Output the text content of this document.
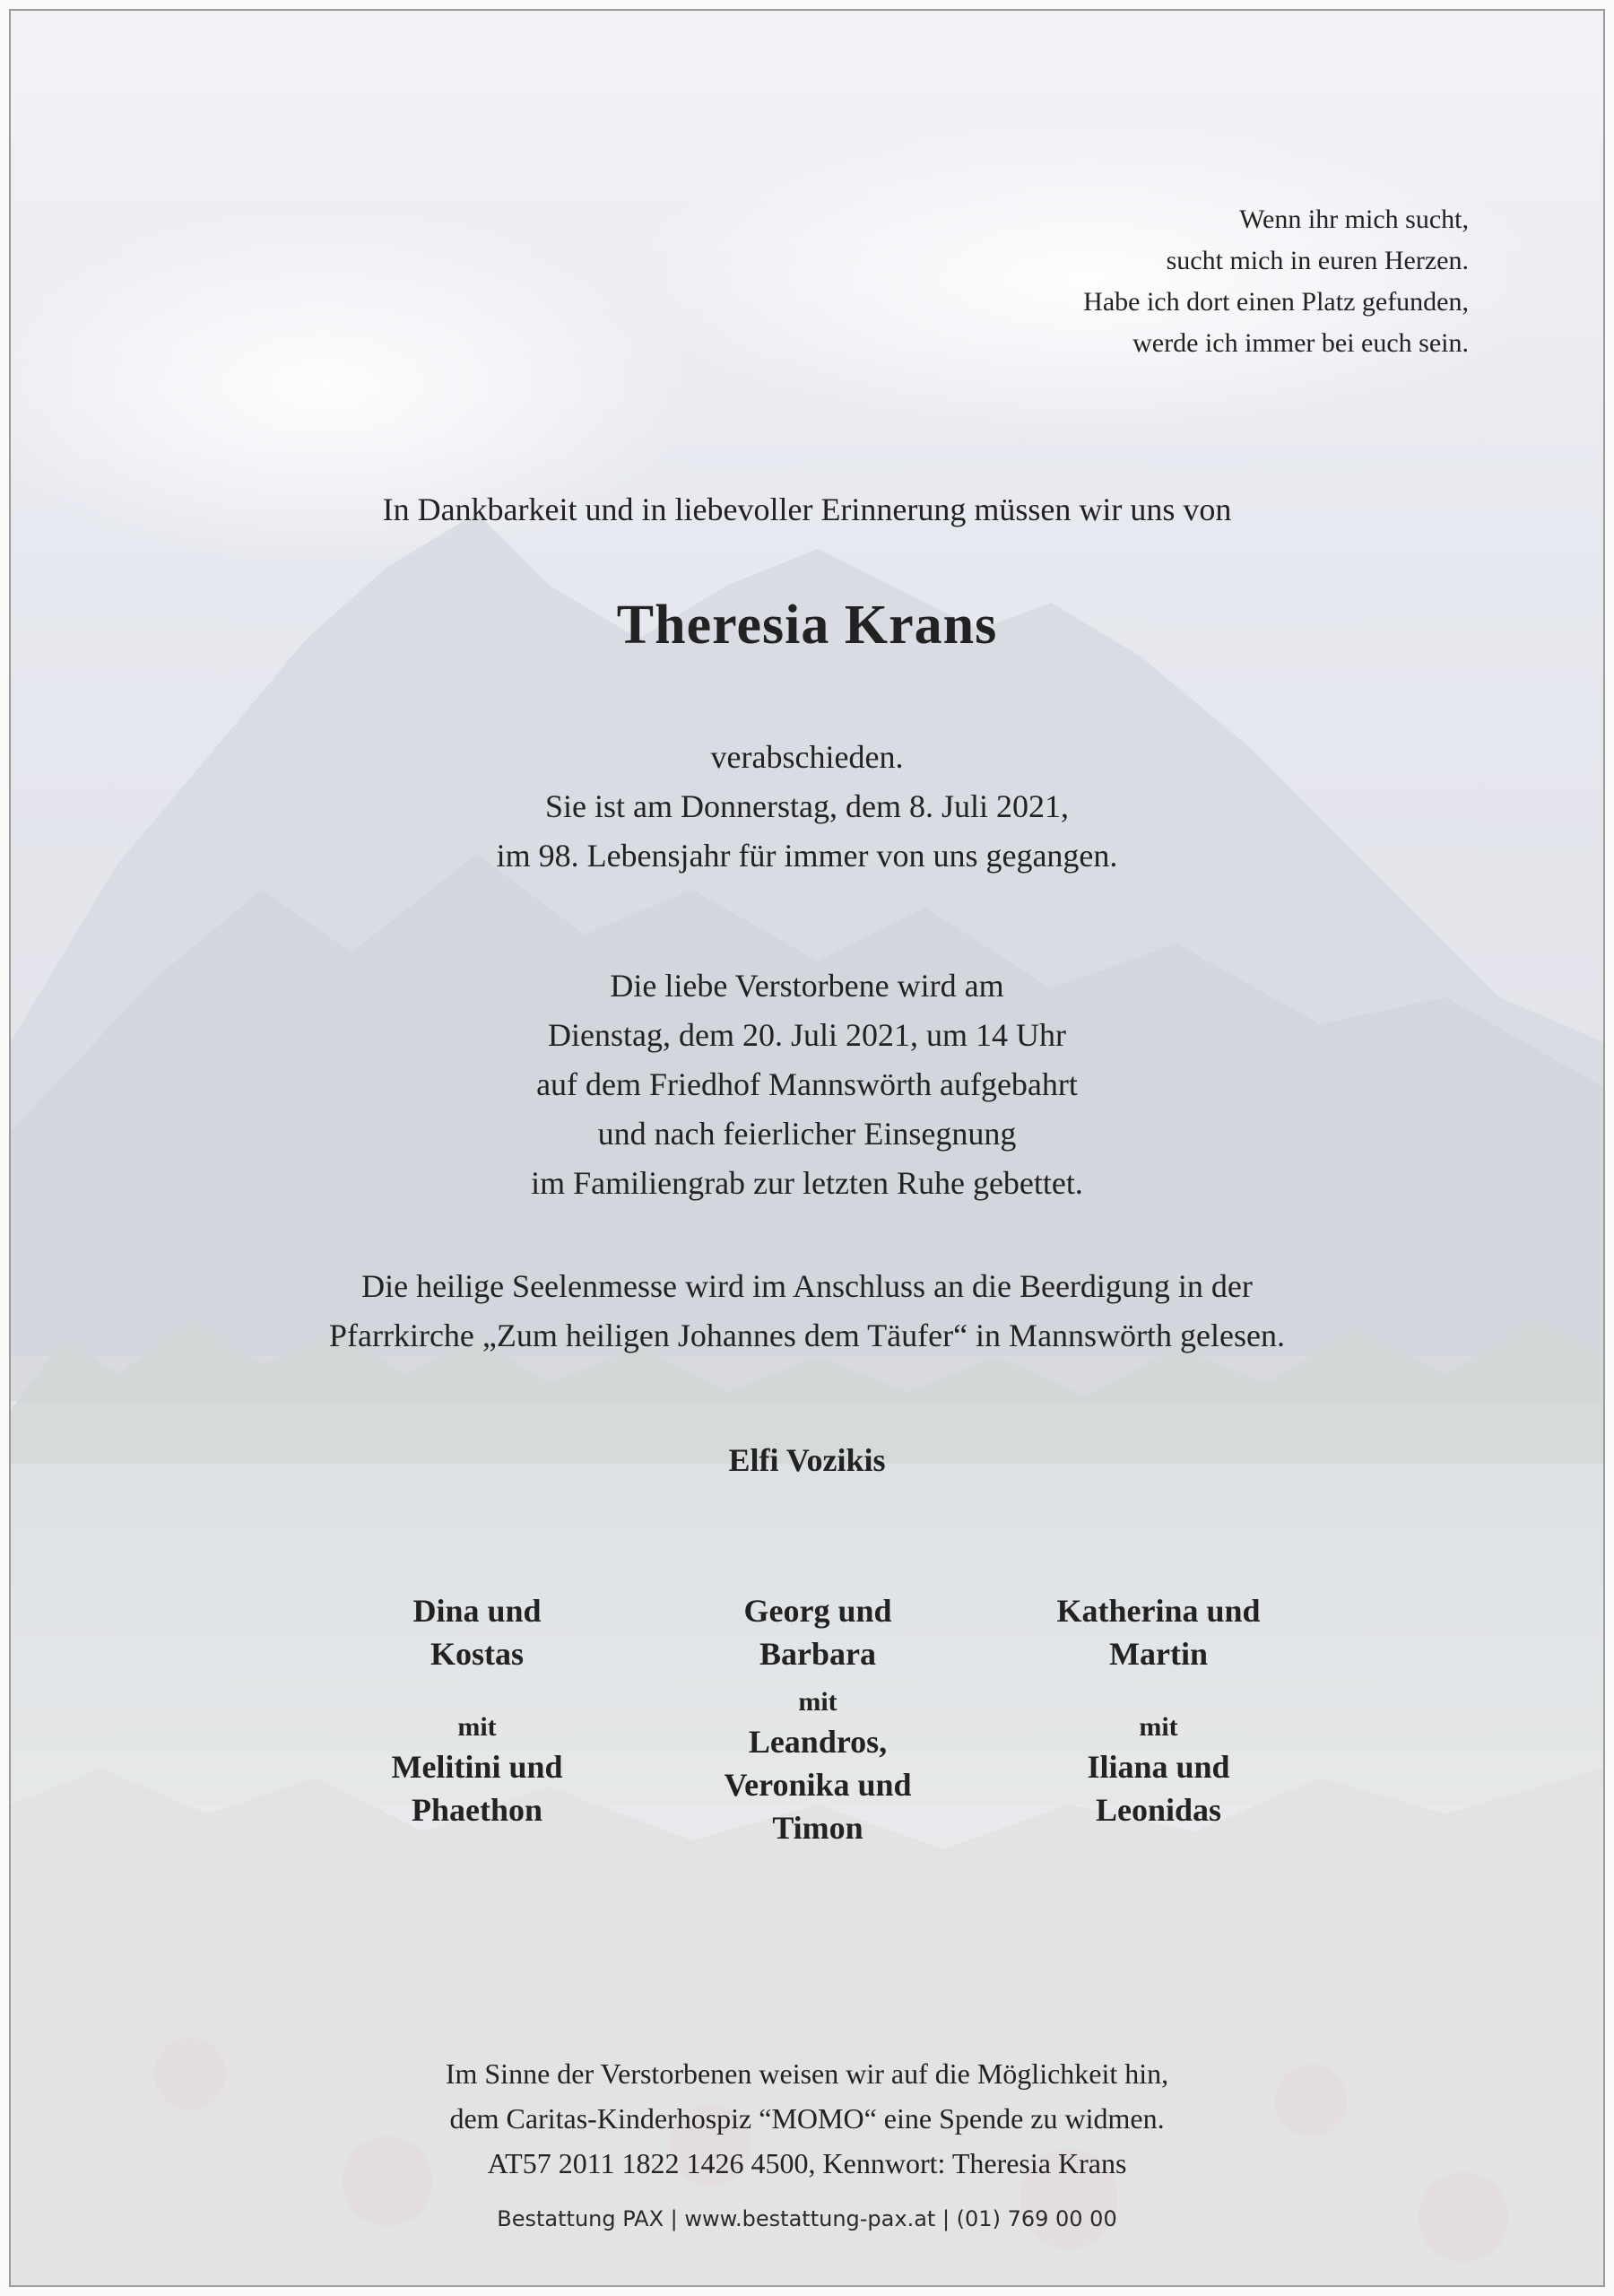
Wenn ihr mich sucht,
sucht mich in euren Herzen.
Habe ich dort einen Platz gefunden,
werde ich immer bei euch sein.
In Dankbarkeit und in liebevoller Erinnerung müssen wir uns von
Theresia Krans
verabschieden.
Sie ist am Donnerstag, dem 8. Juli 2021,
im 98. Lebensjahr für immer von uns gegangen.
Die liebe Verstorbene wird am
Dienstag, dem 20. Juli 2021, um 14 Uhr
auf dem Friedhof Mannswörth aufgebahrt
und nach feierlicher Einsegnung
im Familiengrab zur letzten Ruhe gebettet.
Die heilige Seelenmesse wird im Anschluss an die Beerdigung in der
Pfarrkirche „Zum heiligen Johannes dem Täufer“ in Mannswörth gelesen.
Elfi Vozikis
Dina und
Kostas
mit
Melitini und
Phaethon
Georg und
Barbara
mit
Leandros,
Veronika und
Timon
Katherina und
Martin
mit
Iliana und
Leonidas
Im Sinne der Verstorbenen weisen wir auf die Möglichkeit hin,
dem Caritas-Kinderhospiz “MOMO“ eine Spende zu widmen.
AT57 2011 1822 1426 4500, Kennwort: Theresia Krans
Bestattung PAX | www.bestattung-pax.at | (01) 769 00 00
